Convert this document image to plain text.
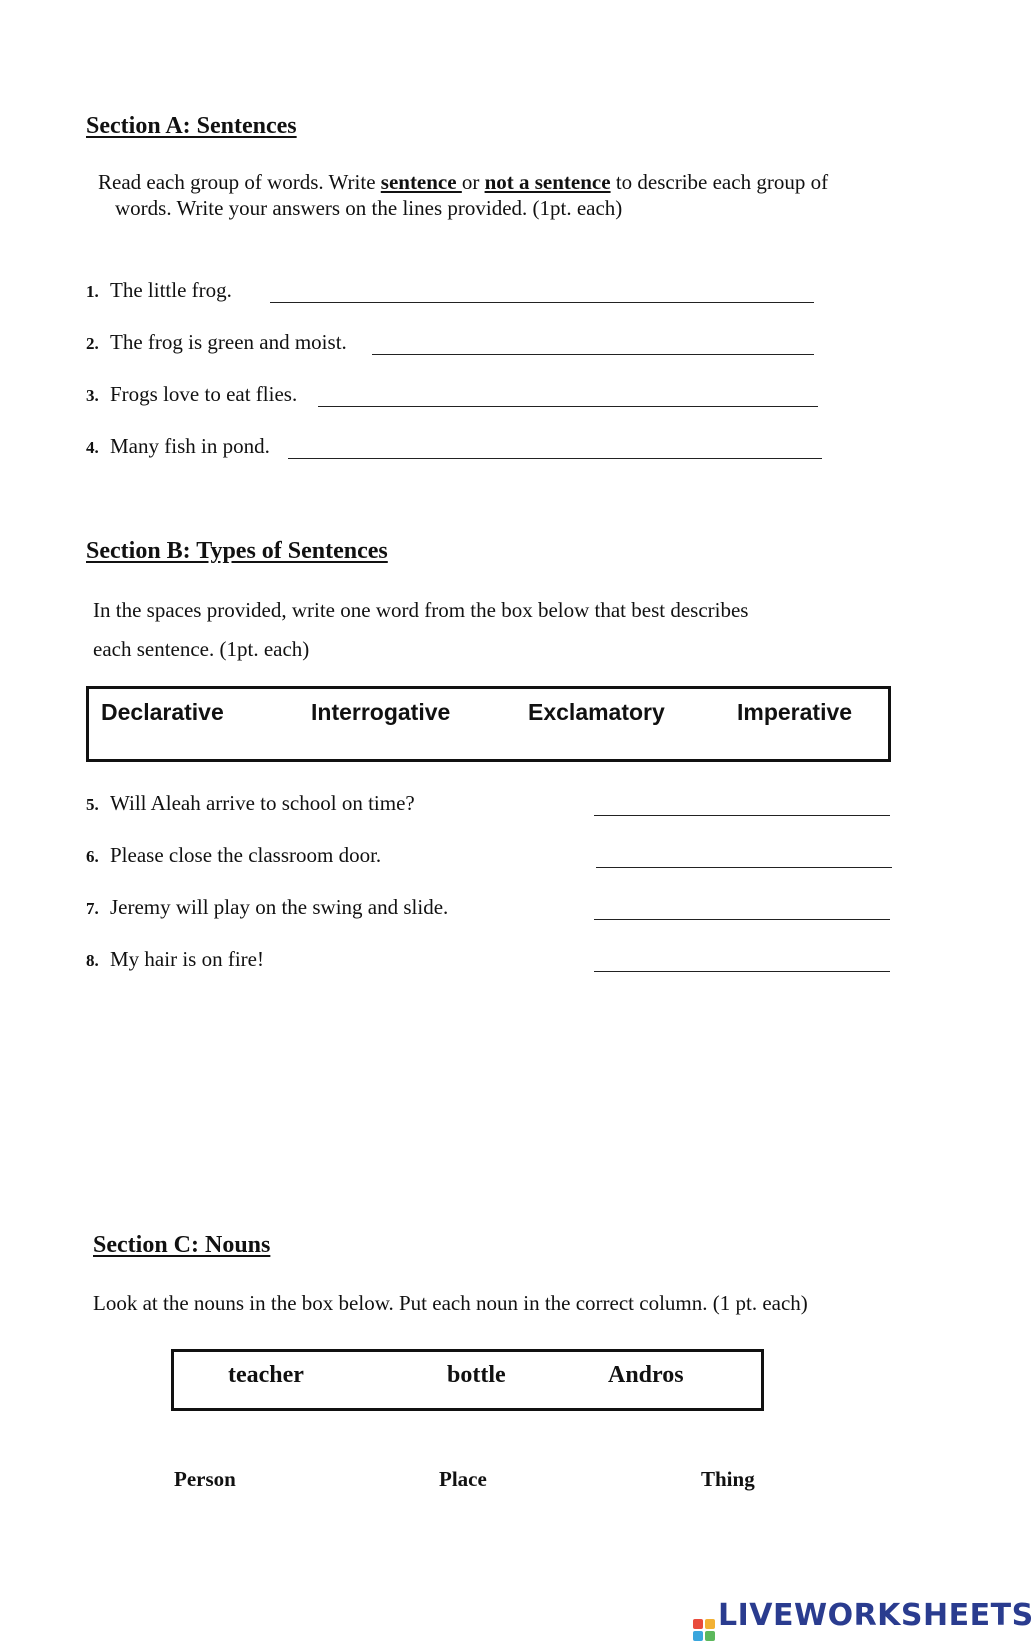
Section A: Sentences
Read each group of words. Write sentence or not a sentence to describe each group of
words. Write your answers on the lines provided. (1pt. each)
1. The little frog.
2. The frog is green and moist.
3. Frogs love to eat flies.
4. Many fish in pond.
Section B: Types of Sentences
In the spaces provided, write one word from the box below that best describes
each sentence. (1pt. each)
Declarative	Interrogative	Exclamatory	Imperative
5. Will Aleah arrive to school on time?
6. Please close the classroom door.
7. Jeremy will play on the swing and slide.
8. My hair is on fire!
Section C: Nouns
Look at the nouns in the box below. Put each noun in the correct column. (1 pt. each)
teacher	bottle	Andros
Person	Place	Thing
LIVEWORKSHEETS
